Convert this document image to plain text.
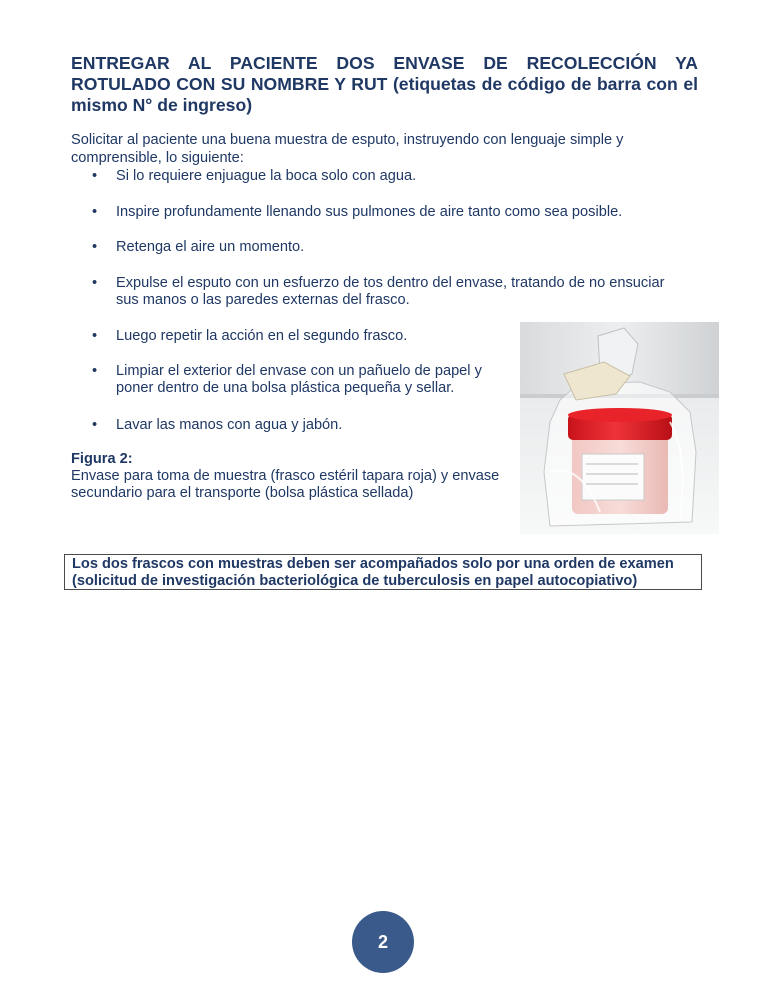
ENTREGAR AL PACIENTE DOS ENVASE DE RECOLECCIÓN YA ROTULADO CON SU NOMBRE Y RUT (etiquetas de código de barra con el mismo N° de ingreso)

Solicitar al paciente una buena muestra de esputo, instruyendo con lenguaje simple y comprensible, lo siguiente:

•	Si lo requiere enjuague la boca solo con agua.
•	Inspire profundamente llenando sus pulmones de aire tanto como sea posible.
•	Retenga el aire un momento.
•	Expulse el esputo con un esfuerzo de tos dentro del envase, tratando de no ensuciar sus manos o las paredes externas del frasco.
•	Luego repetir la acción en el segundo frasco.
•	Limpiar el exterior del envase con un pañuelo de papel y poner dentro de una bolsa plástica pequeña y sellar.
•	Lavar las manos con agua y jabón.
Figura 2:
Envase para toma de muestra (frasco estéril tapara roja) y envase secundario para el transporte (bolsa plástica sellada)

Los dos frascos con muestras deben ser acompañados solo por una orden de examen (solicitud de investigación bacteriológica de tuberculosis en papel autocopiativo)

2
